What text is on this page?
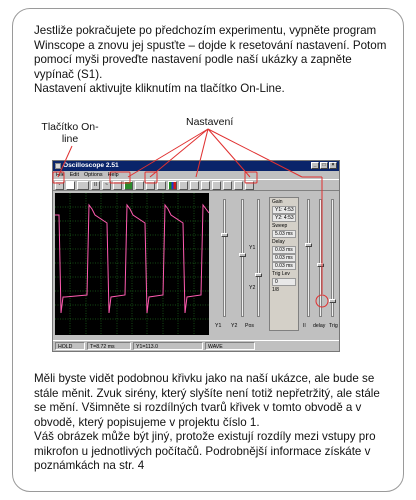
Jestliže pokračujete po předchozím experimentu, vypněte program Winscope a znovu jej spusťte – dojde k resetování nastavení. Potom pomocí myši proveďte nastavení podle naší ukázky a zapněte vypínač (S1).

Nastavení aktivujte kliknutím na tlačítko On-Line.

Tlačítko On-line
Nastavení
Oscilloscope 2.51	_	□	×
File Edit Options Help
-	II	~
Y1
Y2
Gain
Y1: 4:53
Y2: 4:53
Sweep
5.03 ms
Delay
0.03 ms
0.03 ms
0.03 ms
Trig Lev
0
1/8
Y1 Y2 Pos	Il delay Trig
HOLD	T=8.72 ms	Y1=113.0	WAVE

Měli byste vidět podobnou křivku jako na naší ukázce, ale bude se stále měnit. Zvuk sirény, který slyšíte není totiž nepřetržitý, ale stále se mění. Všimněte si rozdílných tvarů křivek v tomto obvodě a v obvodě, který popisujeme v projektu číslo 1.

Váš obrázek může být jiný, protože existují rozdíly mezi vstupy pro mikrofon u jednotlivých počítačů. Podrobnější informace získáte v poznámkách na str. 4
